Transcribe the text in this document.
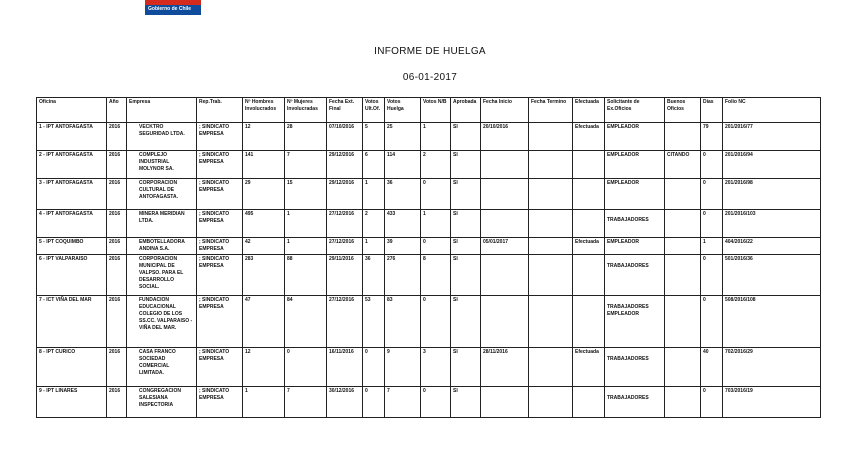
Gobierno de Chile
INFORME DE HUELGA
06-01-2017
Oficina	Año	Empresa	Rep.Trab.	Nº Hombres Involucrados	Nº Mujeres Involucradas	Fecha Ext. Final	Votos Ult.Of.	Votos Huelga	Votos N/B	Aprobada	Fecha Inicio	Fecha Termino	Efectuada	Solicitante de Ex.Oficios	Buenos Oficios	Días	Folio NC
1 - IPT ANTOFAGASTA	2016	VECKTRO SEGURIDAD LTDA.	; SINDICATO EMPRESA	12	28	07/10/2016	5	25	1	SI	20/10/2016		Efectuada	EMPLEADOR		79	201/2016/77
2 - IPT ANTOFAGASTA	2016	COMPLEJO INDUSTRIAL MOLYNOR SA.	; SINDICATO EMPRESA	141	7	29/12/2016	6	114	2	SI				EMPLEADOR	CITANDO	0	201/2016/94
3 - IPT ANTOFAGASTA	2016	CORPORACION CULTURAL DE ANTOFAGASTA.	; SINDICATO EMPRESA	29	15	29/12/2016	1	36	0	SI				EMPLEADOR		0	201/2016/98
4 - IPT ANTOFAGASTA	2016	MINERA MERIDIAN LTDA.	; SINDICATO EMPRESA	495	1	27/12/2016	2	433	1	SI				TRABAJADORES		0	201/2016/103
5 - IPT COQUIMBO	2016	EMBOTELLADORA ANDINA S.A.	; SINDICATO EMPRESA	42	1	27/12/2016	1	39	0	SI	05/01/2017		Efectuada	EMPLEADOR		1	404/2016/22
6 - IPT VALPARAISO	2016	CORPORACION MUNICIPAL DE VALPSO. PARA EL DESARROLLO SOCIAL.	; SINDICATO EMPRESA	283	88	29/11/2016	36	276	8	SI				TRABAJADORES		0	501/2016/36
7 - ICT VIÑA DEL MAR	2016	FUNDACION EDUCACIONAL COLEGIO DE LOS SS.CC. VALPARAISO - VIÑA DEL MAR.	; SINDICATO EMPRESA	47	84	27/12/2016	53	83	0	SI				TRABAJADORES EMPLEADOR		0	508/2016/108
8 - IPT CURICO	2016	CASA FRANCO SOCIEDAD COMERCIAL LIMITADA.	; SINDICATO EMPRESA	12	0	16/11/2016	0	9	3	SI	28/11/2016		Efectuada	TRABAJADORES		40	702/2016/29
9 - IPT LINARES	2016	CONGREGACION SALESIANA INSPECTORIA	; SINDICATO EMPRESA	1	7	30/12/2016	0	7	0	SI				TRABAJADORES		0	703/2016/19
